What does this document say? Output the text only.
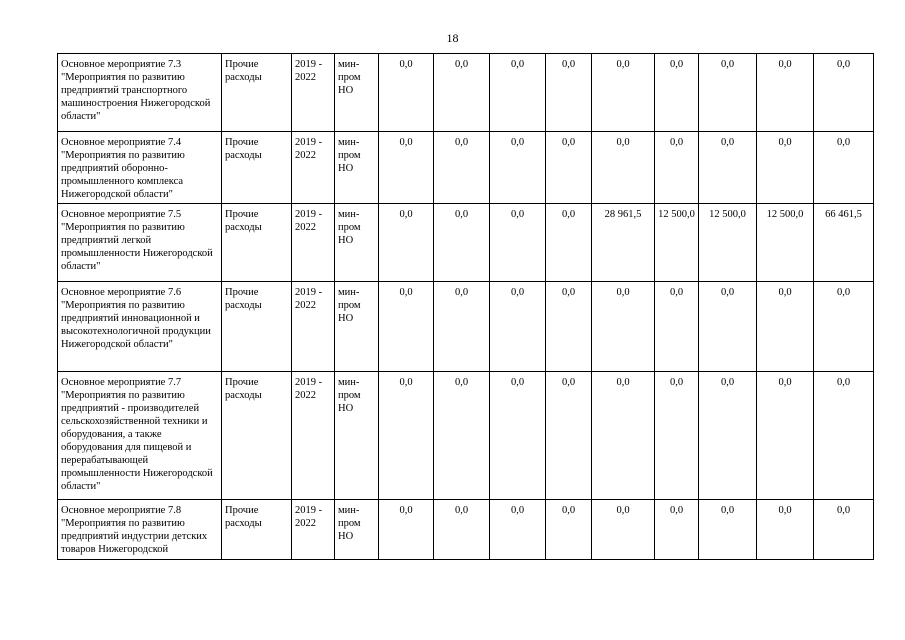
18
Основное мероприятие 7.3 "Мероприятия по развитию предприятий транспортного машиностроения Нижегородской области"	Прочие расходы	2019 - 2022	мин-пром НО	0,0	0,0	0,0	0,0	0,0	0,0	0,0	0,0	0,0
Основное мероприятие 7.4 "Мероприятия по развитию предприятий оборонно-промышленного комплекса Нижегородской области"	Прочие расходы	2019 - 2022	мин-пром НО	0,0	0,0	0,0	0,0	0,0	0,0	0,0	0,0	0,0
Основное мероприятие 7.5 "Мероприятия по развитию предприятий легкой промышленности Нижегородской области"	Прочие расходы	2019 - 2022	мин-пром НО	0,0	0,0	0,0	0,0	28 961,5	12 500,0	12 500,0	12 500,0	66 461,5
Основное мероприятие 7.6 "Мероприятия по развитию предприятий инновационной и высокотехнологичной продукции Нижегородской области"	Прочие расходы	2019 - 2022	мин-пром НО	0,0	0,0	0,0	0,0	0,0	0,0	0,0	0,0	0,0
Основное мероприятие 7.7 "Мероприятия по развитию предприятий - производителей сельскохозяйственной техники и оборудования, а также оборудования для пищевой и перерабатывающей промышленности Нижегородской области"	Прочие расходы	2019 - 2022	мин-пром НО	0,0	0,0	0,0	0,0	0,0	0,0	0,0	0,0	0,0
Основное мероприятие 7.8 "Мероприятия по развитию предприятий индустрии детских товаров Нижегородской	Прочие расходы	2019 - 2022	мин-пром НО	0,0	0,0	0,0	0,0	0,0	0,0	0,0	0,0	0,0
